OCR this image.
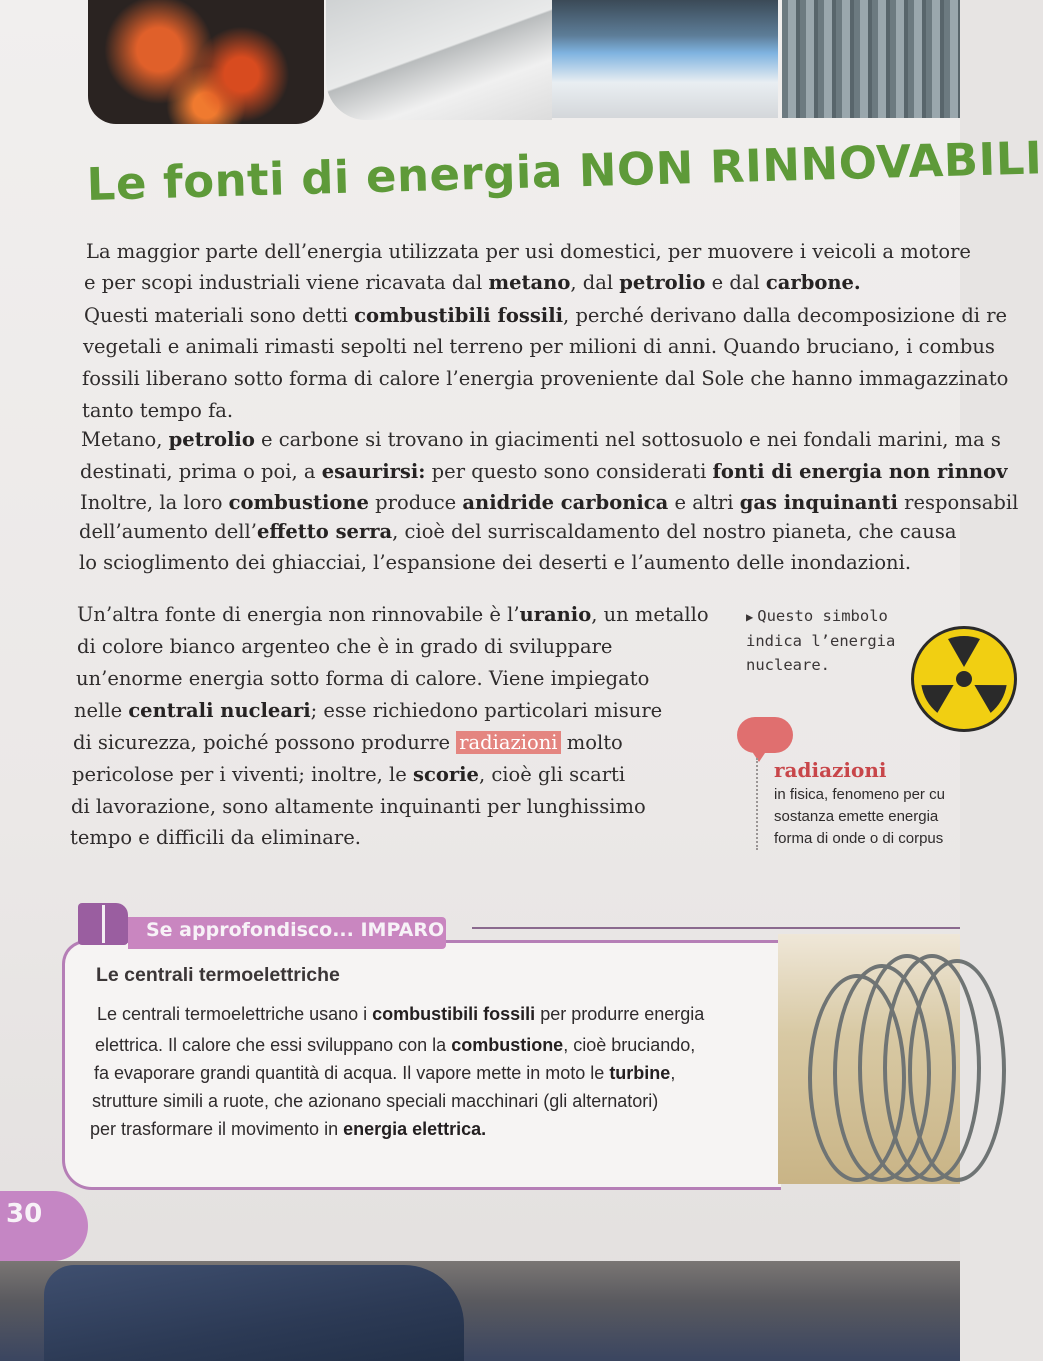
Le fonti di energia NON RINNOVABILI
La maggior parte dell’energia utilizzata per usi domestici, per muovere i veicoli a motore
e per scopi industriali viene ricavata dal metano, dal petrolio e dal carbone.
Questi materiali sono detti combustibili fossili, perché derivano dalla decomposizione di re
vegetali e animali rimasti sepolti nel terreno per milioni di anni. Quando bruciano, i combus
fossili liberano sotto forma di calore l’energia proveniente dal Sole che hanno immagazzinato
tanto tempo fa.
Metano, petrolio e carbone si trovano in giacimenti nel sottosuolo e nei fondali marini, ma s
destinati, prima o poi, a esaurirsi: per questo sono considerati fonti di energia non rinnov
Inoltre, la loro combustione produce anidride carbonica e altri gas inquinanti responsabil
dell’aumento dell’effetto serra, cioè del surriscaldamento del nostro pianeta, che causa
lo scioglimento dei ghiacciai, l’espansione dei deserti e l’aumento delle inondazioni.
Un’altra fonte di energia non rinnovabile è l’uranio, un metallo
di colore bianco argenteo che è in grado di sviluppare
un’enorme energia sotto forma di calore. Viene impiegato
nelle centrali nucleari; esse richiedono particolari misure
di sicurezza, poiché possono produrre radiazioni molto
pericolose per i viventi; inoltre, le scorie, cioè gli scarti
di lavorazione, sono altamente inquinanti per lunghissimo
tempo e difficili da eliminare.
▶ Questo simbolo
indica l’energia
nucleare.
radiazioni
in fisica, fenomeno per cu
sostanza emette energia
forma di onde o di corpus
Se approfondisco... IMPARO
Le centrali termoelettriche
Le centrali termoelettriche usano i combustibili fossili per produrre energia
elettrica. Il calore che essi sviluppano con la combustione, cioè bruciando,
fa evaporare grandi quantità di acqua. Il vapore mette in moto le turbine,
strutture simili a ruote, che azionano speciali macchinari (gli alternatori)
per trasformare il movimento in energia elettrica.
30
